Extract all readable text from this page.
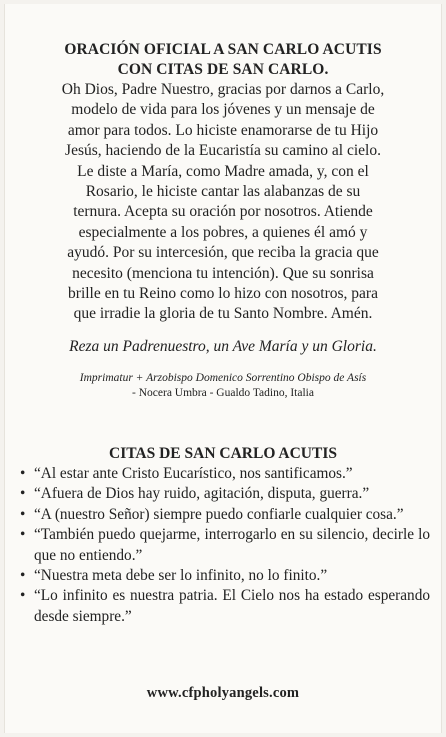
ORACIÓN OFICIAL A SAN CARLO ACUTIS
CON CITAS DE SAN CARLO.
Oh Dios, Padre Nuestro, gracias por darnos a Carlo,
modelo de vida para los jóvenes y un mensaje de
amor para todos. Lo hiciste enamorarse de tu Hijo
Jesús, haciendo de la Eucaristía su camino al cielo.
Le diste a María, como Madre amada, y, con el
Rosario, le hiciste cantar las alabanzas de su
ternura. Acepta su oración por nosotros. Atiende
especialmente a los pobres, a quienes él amó y
ayudó. Por su intercesión, que reciba la gracia que
necesito (menciona tu intención). Que su sonrisa
brille en tu Reino como lo hizo con nosotros, para
que irradie la gloria de tu Santo Nombre. Amén.
Reza un Padrenuestro, un Ave María y un Gloria.
Imprimatur + Arzobispo Domenico Sorrentino Obispo de Asís
- Nocera Umbra - Gualdo Tadino, Italia
CITAS DE SAN CARLO ACUTIS
• “Al estar ante Cristo Eucarístico, nos santificamos.”
• “Afuera de Dios hay ruido, agitación, disputa, guerra.”
• “A (nuestro Señor) siempre puedo confiarle cualquier cosa.”
• “También puedo quejarme, interrogarlo en su silencio, decirle lo que no entiendo.”
• “Nuestra meta debe ser lo infinito, no lo finito.”
• “Lo infinito es nuestra patria. El Cielo nos ha estado esperando desde siempre.”
www.cfpholyangels.com
